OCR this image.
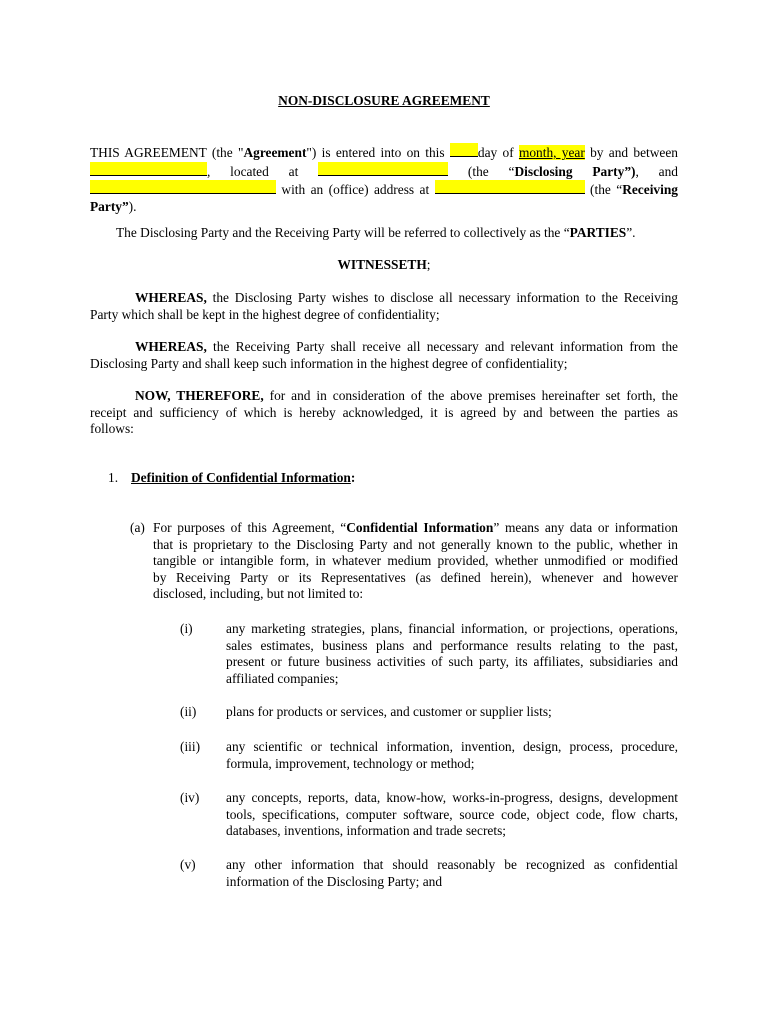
NON-DISCLOSURE AGREEMENT
THIS AGREEMENT (the "Agreement") is entered into on this day of month, year by and between
, located at	(the “Disclosing Party”), and
with an (office) address at	(the “Receiving
Party”).
The Disclosing Party and the Receiving Party will be referred to collectively as the “PARTIES”.
WITNESSETH;
WHEREAS, the Disclosing Party wishes to disclose all necessary information to the Receiving
Party which shall be kept in the highest degree of confidentiality;
WHEREAS, the Receiving Party shall receive all necessary and relevant information from the
Disclosing Party and shall keep such information in the highest degree of confidentiality;
NOW, THEREFORE, for and in consideration of the above premises hereinafter set forth, the
receipt and sufficiency of which is hereby acknowledged, it is agreed by and between the parties as
follows:
1. Definition of Confidential Information:
(a) For purposes of this Agreement, “Confidential Information” means any data or information
that is proprietary to the Disclosing Party and not generally known to the public, whether in
tangible or intangible form, in whatever medium provided, whether unmodified or modified
by Receiving Party or its Representatives (as defined herein), whenever and however
disclosed, including, but not limited to:
(i) any marketing strategies, plans, financial information, or projections, operations,
sales estimates, business plans and performance results relating to the past,
present or future business activities of such party, its affiliates, subsidiaries and
affiliated companies;
(ii) plans for products or services, and customer or supplier lists;
(iii) any scientific or technical information, invention, design, process, procedure,
formula, improvement, technology or method;
(iv) any concepts, reports, data, know-how, works-in-progress, designs, development
tools, specifications, computer software, source code, object code, flow charts,
databases, inventions, information and trade secrets;
(v) any other information that should reasonably be recognized as confidential
information of the Disclosing Party; and
